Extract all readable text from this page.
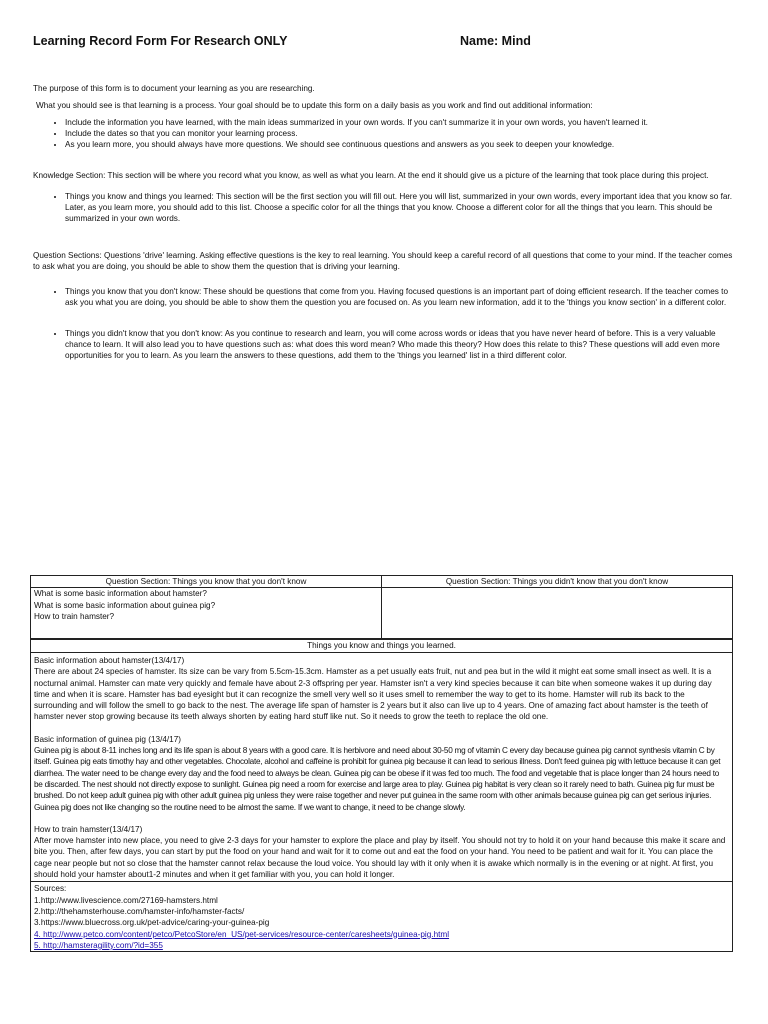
Learning Record Form For Research ONLY	Name: Mind

The purpose of this form is to document your learning as you are researching.

What you should see is that learning is a process. Your goal should be to update this form on a daily basis as you work and find out additional information:

• Include the information you have learned, with the main ideas summarized in your own words. If you can't summarize it in your own words, you haven't learned it.
• Include the dates so that you can monitor your learning process.
• As you learn more, you should always have more questions. We should see continuous questions and answers as you seek to deepen your knowledge.

Knowledge Section: This section will be where you record what you know, as well as what you learn. At the end it should give us a picture of the learning that took place during this project.

• Things you know and things you learned: This section will be the first section you will fill out. Here you will list, summarized in your own words, every important idea that you know so far. Later, as you learn more, you should add to this list. Choose a specific color for all the things that you know. Choose a different color for all the things that you learn. This should be summarized in your own words.

Question Sections: Questions 'drive' learning. Asking effective questions is the key to real learning. You should keep a careful record of all questions that come to your mind. If the teacher comes to ask what you are doing, you should be able to show them the question that is driving your learning.

• Things you know that you don't know: These should be questions that come from you. Having focused questions is an important part of doing efficient research. If the teacher comes to ask you what you are doing, you should be able to show them the question you are focused on. As you learn new information, add it to the 'things you know section' in a different color.
• Things you didn't know that you don't know: As you continue to research and learn, you will come across words or ideas that you have never heard of before. This is a very valuable chance to learn. It will also lead you to have questions such as: what does this word mean? Who made this theory? How does this relate to this? These questions will add even more opportunities for you to learn. As you learn the answers to these questions, add them to the 'things you learned' list in a third different color.
Question Section: Things you know that you don't know	Question Section: Things you didn't know that you don't know

What is some basic information about hamster?
What is some basic information about guinea pig?
How to train hamster?	

Things you know and things you learned.

Basic information about hamster(13/4/17)

There are about 24 species of hamster. Its size can be vary from 5.5cm-15.3cm. Hamster as a pet usually eats fruit, nut and pea but in the wild it might eat some small insect as well. It is a nocturnal animal. Hamster can mate very quickly and female have about 2-3 offspring per year. Hamster isn't a very kind species because it can bite when someone wakes it up during day time and when it is scare. Hamster has bad eyesight but it can recognize the smell very well so it uses smell to remember the way to get to its home. Hamster will rub its back to the surrounding and will follow the smell to go back to the nest. The average life span of hamster is 2 years but it also can live up to 4 years. One of amazing fact about hamster is the teeth of hamster never stop growing because its teeth always shorten by eating hard stuff like nut. So it needs to grow the teeth to replace the old one.

Basic information of guinea pig (13/4/17)

Guinea pig is about 8-11 inches long and its life span is about 8 years with a good care. It is herbivore and need about 30-50 mg of vitamin C every day because guinea pig cannot synthesis vitamin C by itself. Guinea pig eats timothy hay and other vegetables. Chocolate, alcohol and caffeine is prohibit for guinea pig because it can lead to serious illness. Don't feed guinea pig with lettuce because it can get diarrhea. The water need to be change every day and the food need to always be clean. Guinea pig can be obese if it was fed too much. The food and vegetable that is place longer than 24 hours need to be discarded. The nest should not directly expose to sunlight. Guinea pig need a room for exercise and large area to play. Guinea pig habitat is very clean so it rarely need to bath. Guinea pig fur must be brushed. Do not keep adult guinea pig with other adult guinea pig unless they were raise together and never put guinea in the same room with other animals because guinea pig can get serious injuries. Guinea pig does not like changing so the routine need to be almost the same. If we want to change, it need to be change slowly.

How to train hamster(13/4/17)

After move hamster into new place, you need to give 2-3 days for your hamster to explore the place and play by itself. You should not try to hold it on your hand because this make it scare and bite you. Then, after few days, you can start by put the food on your hand and wait for it to come out and eat the food on your hand. You need to be patient and wait for it. You can place the cage near people but not so close that the hamster cannot relax because the loud voice. You should lay with it only when it is awake which normally is in the evening or at night. At first, you should hold your hamster about1-2 minutes and when it get familiar with you, you can hold it longer.

Sources:
1.http://www.livescience.com/27169-hamsters.html
2.http://thehamsterhouse.com/hamster-info/hamster-facts/
3.https://www.bluecross.org.uk/pet-advice/caring-your-guinea-pig
4. http://www.petco.com/content/petco/PetcoStore/en_US/pet-services/resource-center/caresheets/guinea-pig.html
5. http://hamsteragility.com/?id=355
